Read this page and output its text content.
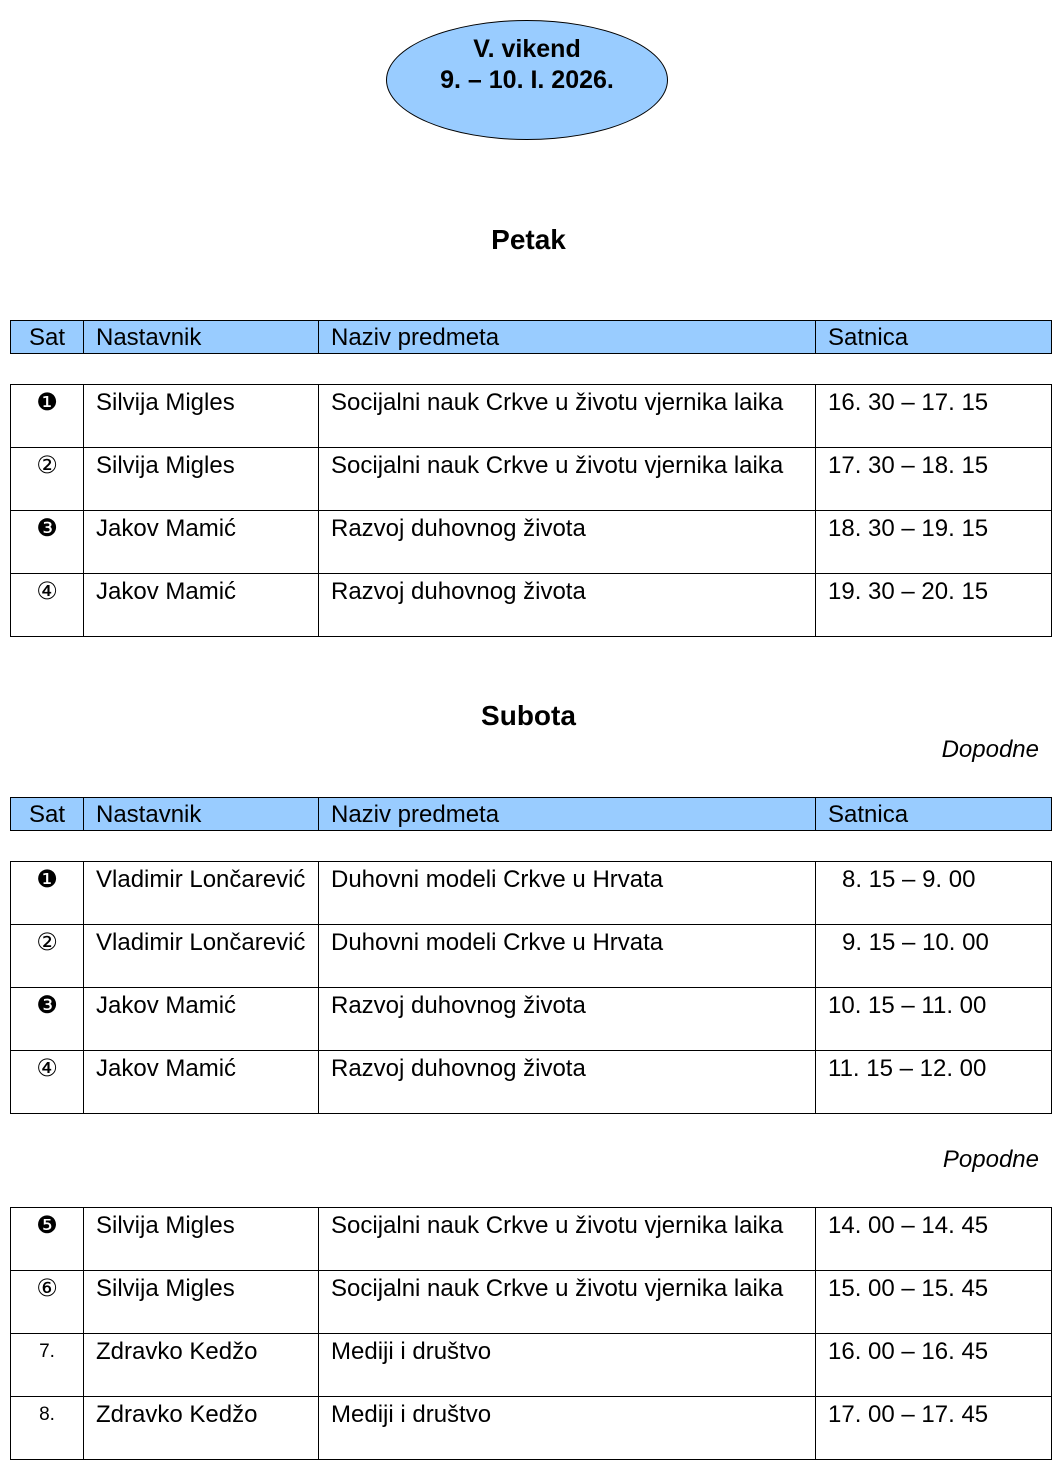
V. vikend
9. – 10. I. 2026.
Petak
Sat	Nastavnik	Naziv predmeta	Satnica
❶	Silvija Migles	Socijalni nauk Crkve u životu vjernika laika	16. 30 – 17. 15
②	Silvija Migles	Socijalni nauk Crkve u životu vjernika laika	17. 30 – 18. 15
❸	Jakov Mamić	Razvoj duhovnog života	18. 30 – 19. 15
④	Jakov Mamić	Razvoj duhovnog života	19. 30 – 20. 15
Subota
Dopodne
Sat	Nastavnik	Naziv predmeta	Satnica
❶	Vladimir Lončarević	Duhovni modeli Crkve u Hrvata	8. 15 – 9. 00
②	Vladimir Lončarević	Duhovni modeli Crkve u Hrvata	9. 15 – 10. 00
❸	Jakov Mamić	Razvoj duhovnog života	10. 15 – 11. 00
④	Jakov Mamić	Razvoj duhovnog života	11. 15 – 12. 00
Popodne
❺	Silvija Migles	Socijalni nauk Crkve u životu vjernika laika	14. 00 – 14. 45
⑥	Silvija Migles	Socijalni nauk Crkve u životu vjernika laika	15. 00 – 15. 45
7.	Zdravko Kedžo	Mediji i društvo	16. 00 – 16. 45
8.	Zdravko Kedžo	Mediji i društvo	17. 00 – 17. 45
